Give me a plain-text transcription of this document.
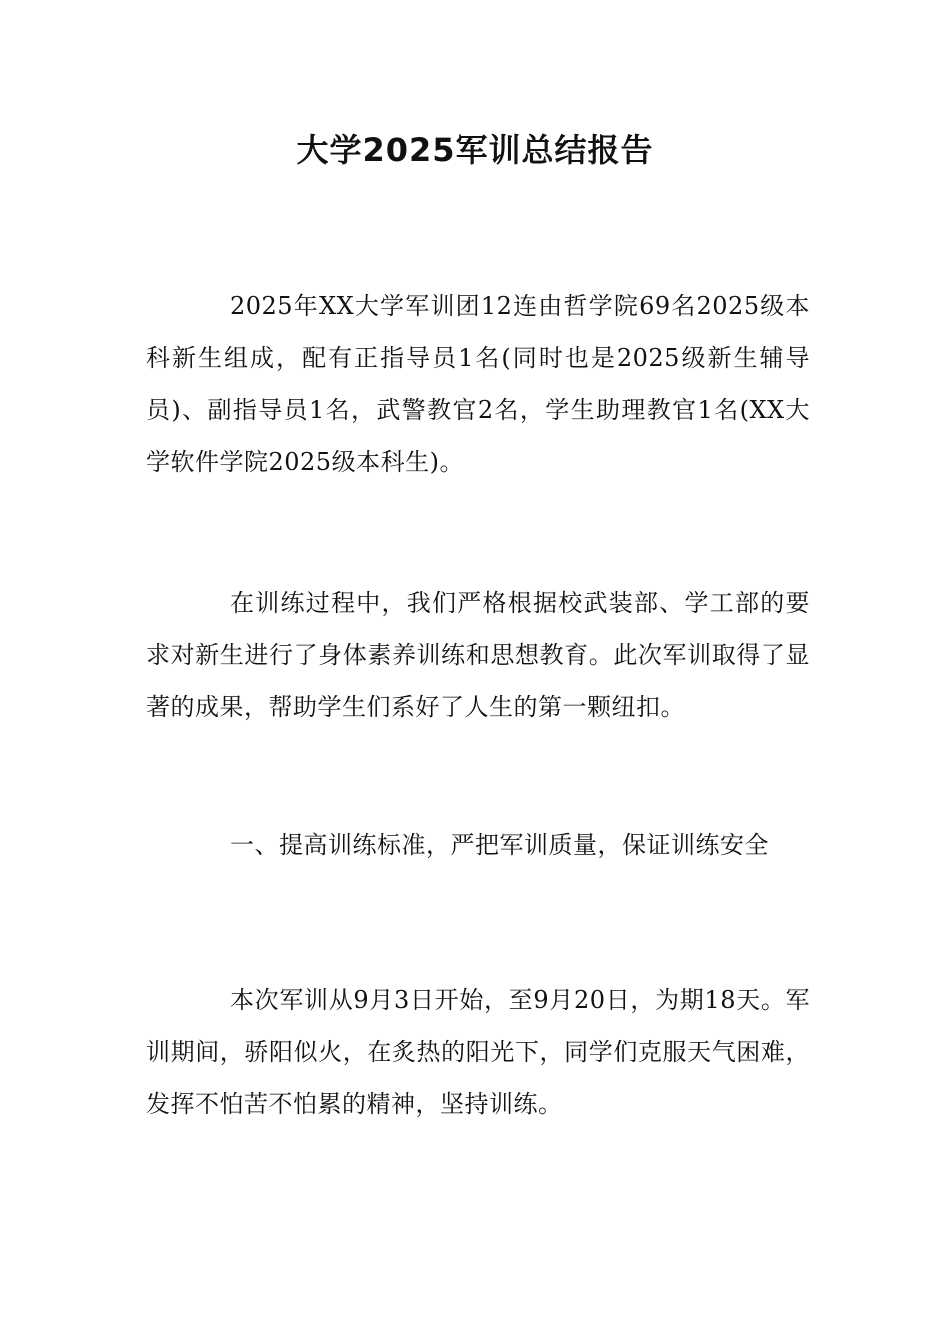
大学2025军训总结报告

2025年XX大学军训团12连由哲学院69名2025级本科新生组成，配有正指导员1名(同时也是2025级新生辅导员)、副指导员1名，武警教官2名，学生助理教官1名(XX大学软件学院2025级本科生)。

在训练过程中，我们严格根据校武装部、学工部的要求对新生进行了身体素养训练和思想教育。此次军训取得了显著的成果，帮助学生们系好了人生的第一颗纽扣。

一、提高训练标准，严把军训质量，保证训练安全

本次军训从9月3日开始，至9月20日，为期18天。军训期间，骄阳似火，在炙热的阳光下，同学们克服天气困难，发挥不怕苦不怕累的精神，坚持训练。
